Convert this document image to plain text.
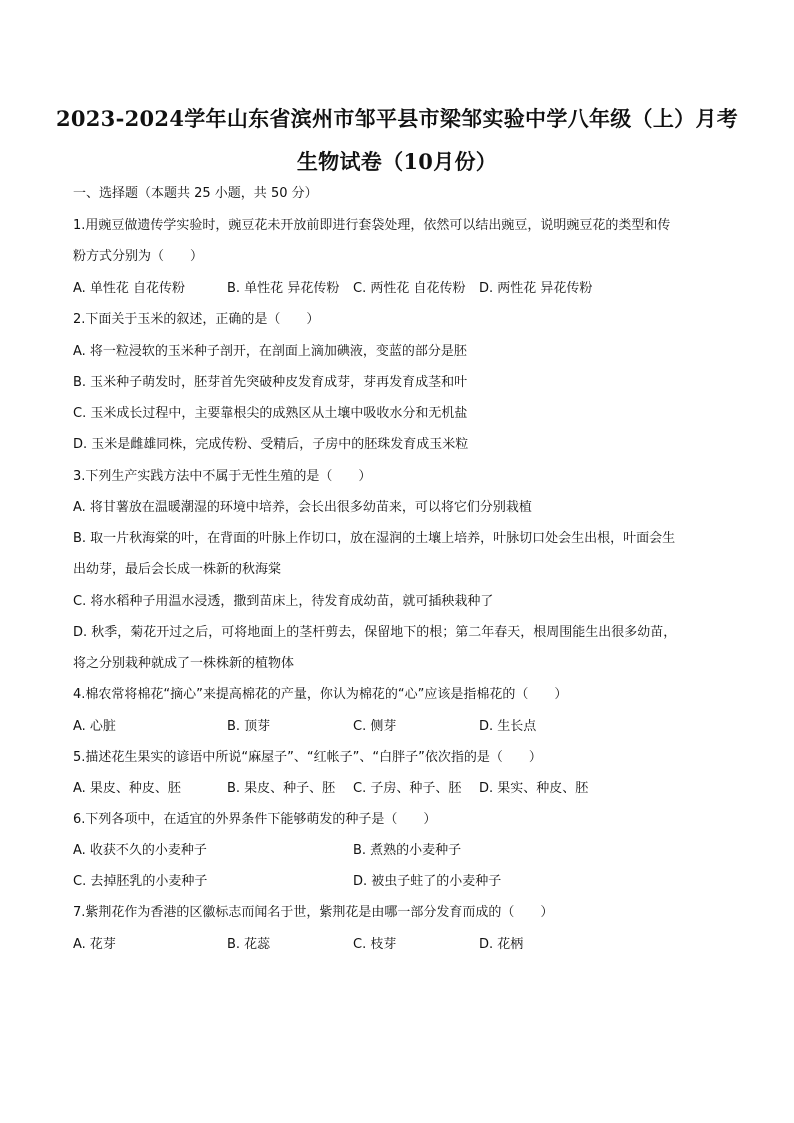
2023-2024学年山东省滨州市邹平县市梁邹实验中学八年级（上）月考
生物试卷（10月份）
一、选择题（本题共 25 小题，共 50 分）
1.用豌豆做遗传学实验时，豌豆花未开放前即进行套袋处理，依然可以结出豌豆，说明豌豆花的类型和传
粉方式分别为（　　）
A. 单性花 自花传粉	B. 单性花 异花传粉 C. 两性花 自花传粉 D. 两性花 异花传粉
2.下面关于玉米的叙述，正确的是（　　）
A. 将一粒浸软的玉米种子剖开，在剖面上滴加碘液，变蓝的部分是胚
B. 玉米种子萌发时，胚芽首先突破种皮发育成芽，芽再发育成茎和叶
C. 玉米成长过程中，主要靠根尖的成熟区从土壤中吸收水分和无机盐
D. 玉米是雌雄同株，完成传粉、受精后，子房中的胚珠发育成玉米粒
3.下列生产实践方法中不属于无性生殖的是（　　）
A. 将甘薯放在温暖潮湿的环境中培养，会长出很多幼苗来，可以将它们分别栽植
B. 取一片秋海棠的叶，在背面的叶脉上作切口，放在湿润的土壤上培养，叶脉切口处会生出根，叶面会生
出幼芽，最后会长成一株新的秋海棠
C. 将水稻种子用温水浸透，撒到苗床上，待发育成幼苗，就可插秧栽种了
D. 秋季，菊花开过之后，可将地面上的茎杆剪去，保留地下的根；第二年春天，根周围能生出很多幼苗，
将之分别栽种就成了一株株新的植物体
4.棉农常将棉花“摘心”来提高棉花的产量，你认为棉花的“心”应该是指棉花的（　　）
A. 心脏	B. 顶芽	C. 侧芽	D. 生长点
5.描述花生果实的谚语中所说“麻屋子”、“红帐子”、“白胖子”依次指的是（　　）
A. 果皮、种皮、胚	B. 果皮、种子、胚 C. 子房、种子、胚 D. 果实、种皮、胚
6.下列各项中，在适宜的外界条件下能够萌发的种子是（　　）
A. 收获不久的小麦种子	B. 煮熟的小麦种子
C. 去掉胚乳的小麦种子	D. 被虫子蛀了的小麦种子
7.紫荆花作为香港的区徽标志而闻名于世，紫荆花是由哪一部分发育而成的（　　）
A. 花芽	B. 花蕊	C. 枝芽	D. 花柄
